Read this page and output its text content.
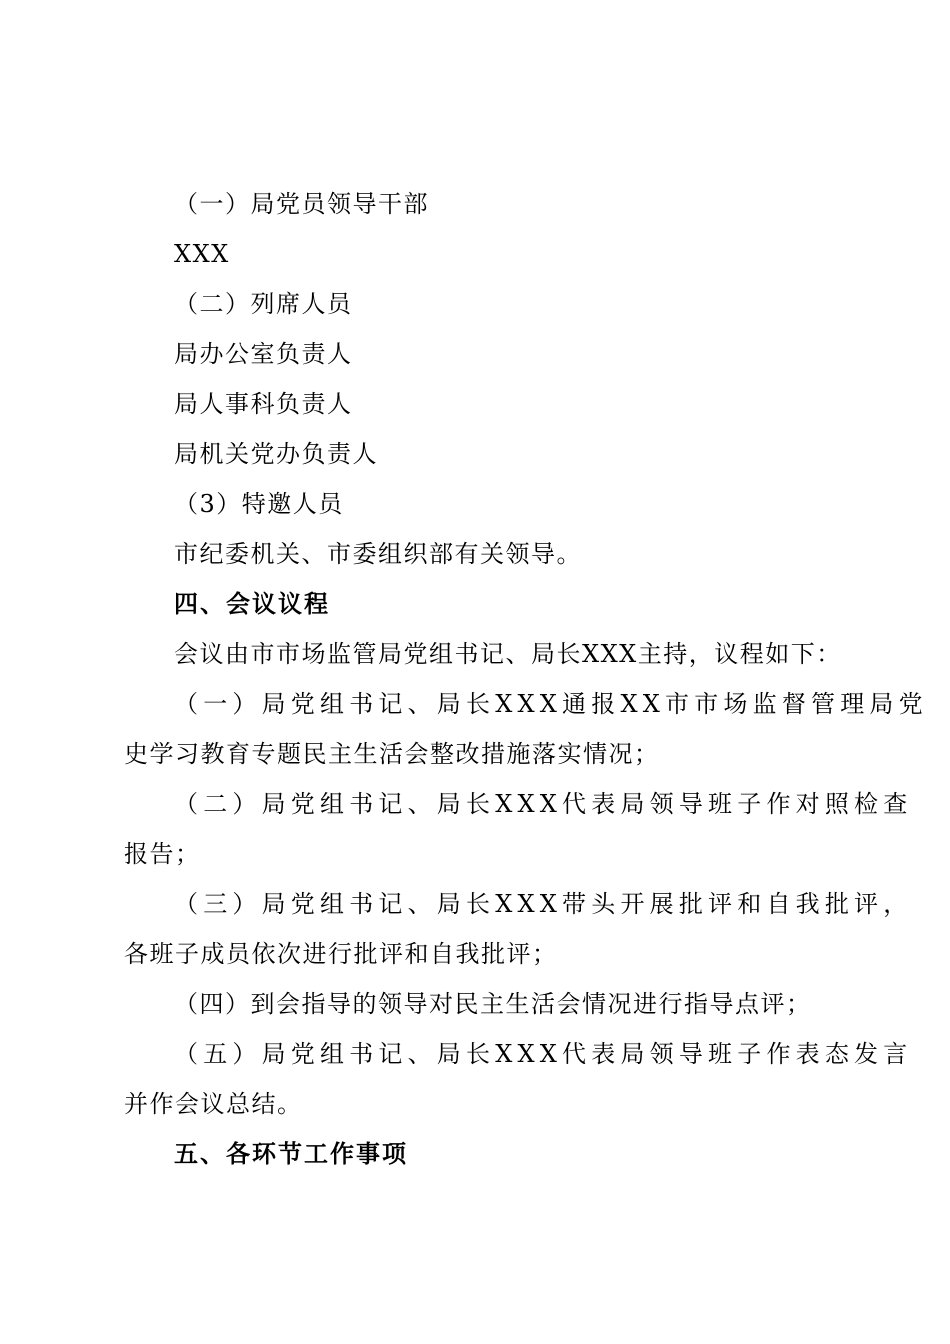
（一）局党员领导干部
XXX
（二）列席人员
局办公室负责人
局人事科负责人
局机关党办负责人
（3）特邀人员
市纪委机关、市委组织部有关领导。
四、会议议程
会议由市市场监管局党组书记、局长XXX主持，议程如下：
（一）局党组书记、局长XXX通报XX市市场监督管理局党
史学习教育专题民主生活会整改措施落实情况；
（二）局党组书记、局长XXX代表局领导班子作对照检查
报告；
（三）局党组书记、局长XXX带头开展批评和自我批评，
各班子成员依次进行批评和自我批评；
（四）到会指导的领导对民主生活会情况进行指导点评；
（五）局党组书记、局长XXX代表局领导班子作表态发言
并作会议总结。
五、各环节工作事项
